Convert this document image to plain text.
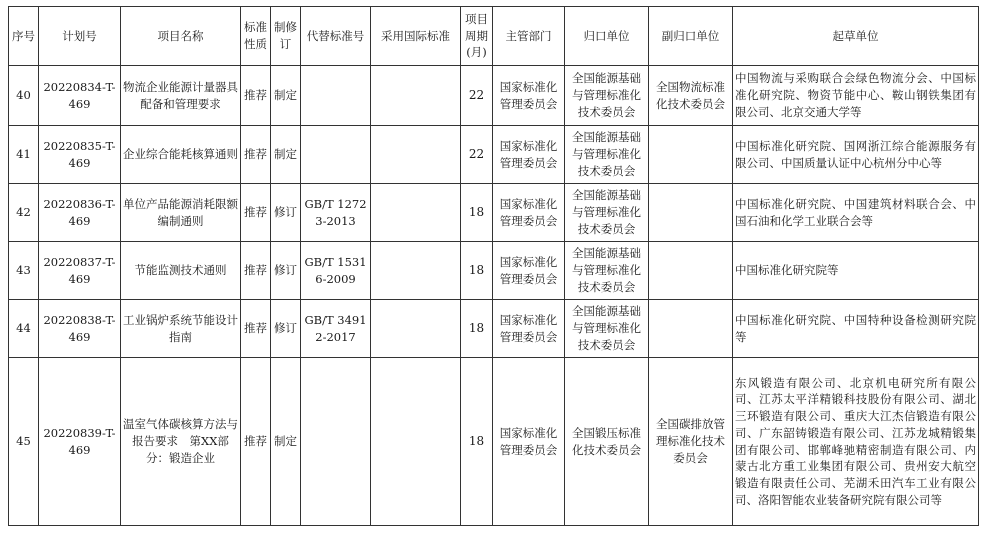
序号	计划号	项目名称	标准性质	制修订	代替标准号	采用国际标准	项目周期(月)	主管部门	归口单位	副归口单位	起草单位
40	20220834-T-469	物流企业能源计量器具配备和管理要求	推荐	制定			22	国家标准化管理委员会	全国能源基础与管理标准化技术委员会	全国物流标准化技术委员会	中国物流与采购联合会绿色物流分会、中国标准化研究院、物资节能中心、鞍山钢铁集团有限公司、北京交通大学等
41	20220835-T-469	企业综合能耗核算通则	推荐	制定			22	国家标准化管理委员会	全国能源基础与管理标准化技术委员会		中国标准化研究院、国网浙江综合能源服务有限公司、中国质量认证中心杭州分中心等
42	20220836-T-469	单位产品能源消耗限额编制通则	推荐	修订	GB/T 12723-2013		18	国家标准化管理委员会	全国能源基础与管理标准化技术委员会		中国标准化研究院、中国建筑材料联合会、中国石油和化学工业联合会等
43	20220837-T-469	节能监测技术通则	推荐	修订	GB/T 15316-2009		18	国家标准化管理委员会	全国能源基础与管理标准化技术委员会		中国标准化研究院等
44	20220838-T-469	工业锅炉系统节能设计指南	推荐	修订	GB/T 34912-2017		18	国家标准化管理委员会	全国能源基础与管理标准化技术委员会		中国标准化研究院、中国特种设备检测研究院等
45	20220839-T-469	温室气体碳核算方法与报告要求　第XX部分：锻造企业	推荐	制定			18	国家标准化管理委员会	全国锻压标准化技术委员会	全国碳排放管理标准化技术委员会	东风锻造有限公司、北京机电研究所有限公司、江苏太平洋精锻科技股份有限公司、湖北三环锻造有限公司、重庆大江杰信锻造有限公司、广东韶铸锻造有限公司、江苏龙城精锻集团有限公司、邯郸峰驰精密制造有限公司、内蒙古北方重工业集团有限公司、贵州安大航空锻造有限责任公司、芜湖禾田汽车工业有限公司、洛阳智能农业装备研究院有限公司等
